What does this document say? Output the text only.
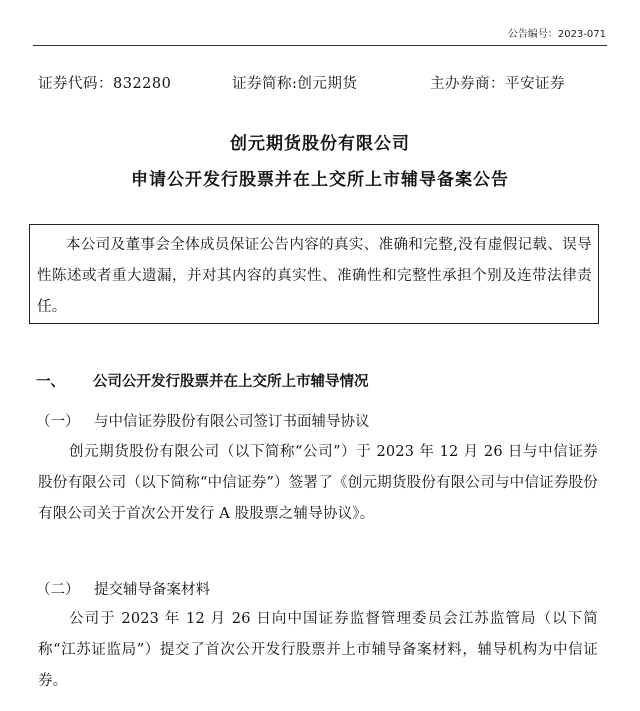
公告编号：2023-071
证券代码：832280	证券简称:创元期货	主办券商：平安证券
创元期货股份有限公司
申请公开发行股票并在上交所上市辅导备案公告

本公司及董事会全体成员保证公告内容的真实、准确和完整,没有虚假记载、误导性陈述或者重大遗漏，并对其内容的真实性、准确性和完整性承担个别及连带法律责任。

一、 公司公开发行股票并在上交所上市辅导情况
（一） 与中信证券股份有限公司签订书面辅导协议

创元期货股份有限公司（以下简称“公司”）于 2023 年 12 月 26 日与中信证券股份有限公司（以下简称“中信证券”）签署了《创元期货股份有限公司与中信证券股份有限公司关于首次公开发行 A 股股票之辅导协议》。

（二） 提交辅导备案材料

公司于 2023 年 12 月 26 日向中国证券监督管理委员会江苏监管局（以下简称“江苏证监局”）提交了首次公开发行股票并上市辅导备案材料，辅导机构为中信证券。
